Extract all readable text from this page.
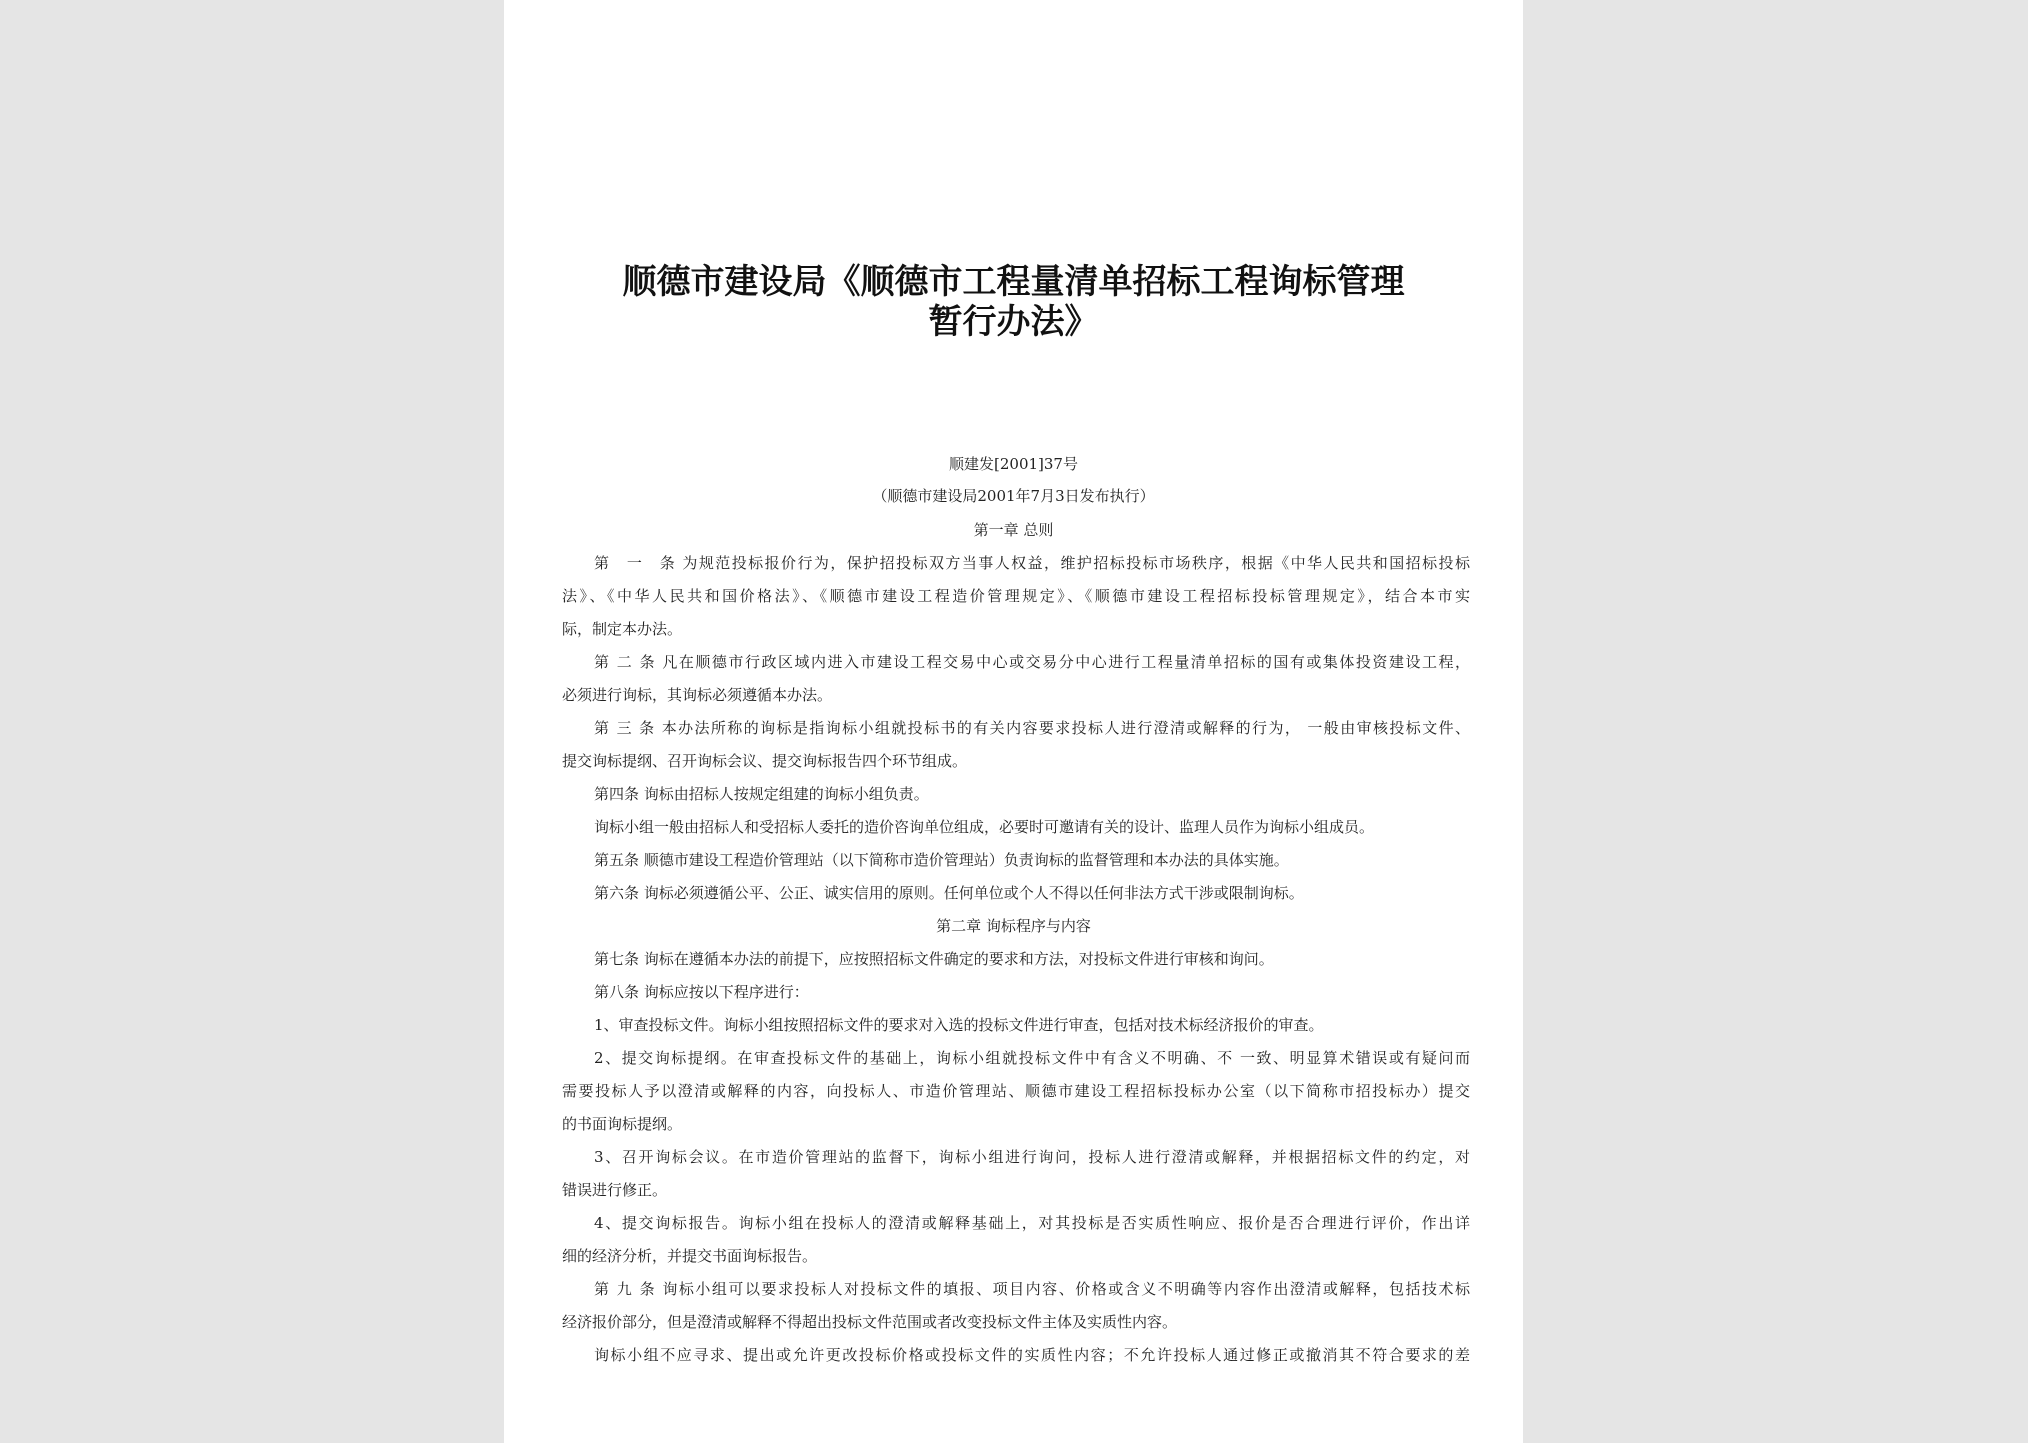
顺德市建设局《顺德市工程量清单招标工程询标管理
暂行办法》
顺建发[2001]37号
（顺德市建设局2001年7月3日发布执行）
第一章 总则
第　一　条 为规范投标报价行为，保护招投标双方当事人权益，维护招标投标市场秩序，根据《中华人民共和国招标投标
法》、《中华人民共和国价格法》、《顺德市建设工程造价管理规定》、《顺德市建设工程招标投标管理规定》，结合本市实
际，制定本办法。
第 二 条 凡在顺德市行政区域内进入市建设工程交易中心或交易分中心进行工程量清单招标的国有或集体投资建设工程，
必须进行询标，其询标必须遵循本办法。
第 三 条 本办法所称的询标是指询标小组就投标书的有关内容要求投标人进行澄清或解释的行为， 一般由审核投标文件、
提交询标提纲、召开询标会议、提交询标报告四个环节组成。
第四条 询标由招标人按规定组建的询标小组负责。
询标小组一般由招标人和受招标人委托的造价咨询单位组成，必要时可邀请有关的设计、监理人员作为询标小组成员。
第五条 顺德市建设工程造价管理站（以下简称市造价管理站）负责询标的监督管理和本办法的具体实施。
第六条 询标必须遵循公平、公正、诚实信用的原则。任何单位或个人不得以任何非法方式干涉或限制询标。
第二章 询标程序与内容
第七条 询标在遵循本办法的前提下，应按照招标文件确定的要求和方法，对投标文件进行审核和询问。
第八条 询标应按以下程序进行：
1、审查投标文件。询标小组按照招标文件的要求对入选的投标文件进行审查，包括对技术标经济报价的审查。
2、提交询标提纲。在审查投标文件的基础上，询标小组就投标文件中有含义不明确、不 一致、明显算术错误或有疑问而
需要投标人予以澄清或解释的内容，向投标人、市造价管理站、顺德市建设工程招标投标办公室（以下简称市招投标办）提交
的书面询标提纲。
3、召开询标会议。在市造价管理站的监督下，询标小组进行询问，投标人进行澄清或解释，并根据招标文件的约定，对
错误进行修正。
4、提交询标报告。询标小组在投标人的澄清或解释基础上，对其投标是否实质性响应、报价是否合理进行评价，作出详
细的经济分析，并提交书面询标报告。
第 九 条 询标小组可以要求投标人对投标文件的填报、项目内容、价格或含义不明确等内容作出澄清或解释，包括技术标
经济报价部分，但是澄清或解释不得超出投标文件范围或者改变投标文件主体及实质性内容。
询标小组不应寻求、提出或允许更改投标价格或投标文件的实质性内容；不允许投标人通过修正或撤消其不符合要求的差
